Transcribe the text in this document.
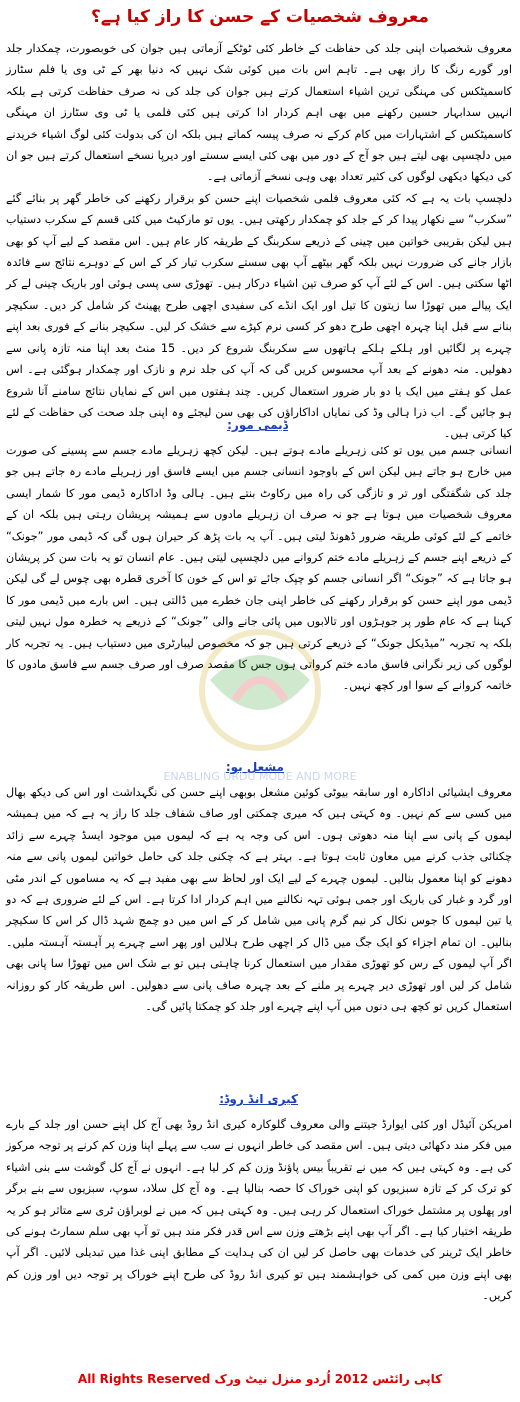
معروف شخصیات کے حسن کا راز کیا ہے؟

معروف شخصیات اپنی جلد کی حفاظت کے خاطر کئی ٹوٹکے آزماتی ہیں جوان کی خوبصورت، چمکدار جلد اور گورے رنگ کا راز بھی ہے۔ تاہم اس بات میں کوئی شک نہیں کہ دنیا بھر کے ٹی وی یا فلم سٹارز کاسمیٹکس کی مہنگی ترین اشیاء استعمال کرتے ہیں جوان کی جلد کی نہ صرف حفاظت کرتی ہے بلکہ انہیں سدابہار حسین رکھنے میں بھی اہم کردار ادا کرتی ہیں کئی فلمی یا ٹی وی سٹارز ان مہنگی کاسمیٹکس کے اشتہارات میں کام کرکے نہ صرف پیسہ کماتے ہیں بلکہ ان کی بدولت کئی لوگ اشیاء خریدنے میں دلچسپی بھی لیتے ہیں جو آج کے دور میں بھی کئی ایسے سستے اور دیرپا نسخے استعمال کرتے ہیں جو ان کی دیکھا دیکھی لوگوں کی کثیر تعداد بھی وہی نسخے آزماتی ہے۔

دلچسپ بات یہ ہے کہ کئی معروف فلمی شخصیات اپنے حسن کو برقرار رکھنے کی خاطر گھر پر بنائے گئے ”سکرب“ سے نکھار پیدا کر کے جلد کو چمکدار رکھتی ہیں۔ یوں تو مارکیٹ میں کئی قسم کے سکرب دستیاب ہیں لیکن بقریبی خواتین میں چینی کے ذریعے سکربنگ کے طریقہ کار عام ہیں۔ اس مقصد کے لیے آپ کو بھی بازار جانے کی ضرورت نہیں بلکہ گھر بیٹھے آپ بھی سستے سکرب تیار کر کے اس کے دوہرے نتائج سے فائدہ اٹھا سکتی ہیں۔ اس کے لئے آپ کو صرف تین اشیاء درکار ہیں۔ تھوڑی سی پسی ہوئی اور باریک چینی لے کر ایک پیالے میں تھوڑا سا زیتون کا تیل اور ایک انڈے کی سفیدی اچھی طرح پھینٹ کر شامل کر دیں۔ سکیچر بنانے سے قبل اپنا چہرہ اچھی طرح دھو کر کسی نرم کپڑے سے خشک کر لیں۔ سکیچر بنانے کے فوری بعد اپنے چہرے پر لگائیں اور ہلکے ہلکے ہاتھوں سے سکربنگ شروع کر دیں۔ 15 منٹ بعد اپنا منہ تازہ پانی سے دھولیں۔ منہ دھونے کے بعد آپ محسوس کریں گی کہ آپ کی جلد نرم و نازک اور چمکدار ہوگئی ہے۔ اس عمل کو ہفتے میں ایک یا دو بار ضرور استعمال کریں۔ چند ہفتوں میں اس کے نمایاں نتائج سامنے آنا شروع ہو جائیں گے۔ اب ذرا ہالی وڈ کی نمایاں اداکاراؤں کی بھی سن لیجئے وہ اپنی جلد صحت کی حفاظت کے لئے کیا کرتی ہیں۔

ڈیمی مور:

انسانی جسم میں یوں تو کئی زہریلے مادے ہوتے ہیں۔ لیکن کچھ زہریلے مادے جسم سے پسینے کی صورت میں خارج ہو جاتے ہیں لیکن اس کے باوجود انسانی جسم میں ایسے فاسق اور زہریلے مادے رہ جاتے ہیں جو جلد کی شگفتگی اور تر و تازگی کی راہ میں رکاوٹ بنتے ہیں۔ ہالی وڈ اداکارہ ڈیمی مور کا شمار ایسی معروف شخصیات میں ہوتا ہے جو نہ صرف ان زہریلے مادوں سے ہمیشہ پریشان رہتی ہیں بلکہ ان کے خاتمے کے لئے کوئی طریقہ ضرور ڈھونڈ لیتی ہیں۔ آپ یہ بات پڑھ کر حیران ہوں گی کہ ڈیمی مور ”جونک“ کے ذریعے اپنے جسم کے زہریلے مادے ختم کروانے میں دلچسپی لیتی ہیں۔ عام انسان تو یہ بات سن کر پریشان ہو جاتا ہے کہ ”جونک“ اگر انسانی جسم کو چپک جائے تو اس کے خون کا آخری قطرہ بھی چوس لے گی لیکن ڈیمی مور اپنے حسن کو برقرار رکھنے کی خاطر اپنی جان خطرے میں ڈالتی ہیں۔ اس بارے میں ڈیمی مور کا کہنا ہے کہ عام طور پر جوہڑوں اور تالابوں میں پائی جانے والی ”جونک“ کے ذریعے یہ خطرہ مول نہیں لیتی بلکہ یہ تجربہ ”میڈیکل جونک“ کے ذریعے کرتی ہیں جو کہ مخصوص لیبارٹری میں دستیاب ہیں۔ یہ تجربہ کار لوگوں کی زیر نگرانی فاسق مادے ختم کرواتی ہوں جس کا مقصد صرف اور صرف جسم سے فاسق مادوں کا خاتمہ کروانے کے سوا اور کچھ نہیں۔

مشعل بو:

معروف ایشیائی اداکارہ اور سابقہ بیوٹی کوئین مشعل بوبھی اپنے حسن کی نگہداشت اور اس کی دیکھ بھال میں کسی سے کم نہیں۔ وہ کہتی ہیں کہ میری چمکتی اور صاف شفاف جلد کا راز یہ ہے کہ میں ہمیشہ لیموں کے پانی سے اپنا منہ دھوتی ہوں۔ اس کی وجہ یہ ہے کہ لیموں میں موجود ایسڈ چہرے سے زائد چکنائی جذب کرنے میں معاون ثابت ہوتا ہے۔ بہتر ہے کہ چکنی جلد کی حامل خواتین لیموں پانی سے منہ دھونے کو اپنا معمول بنالیں۔ لیموں چہرے کے لیے ایک اور لحاظ سے بھی مفید ہے کہ یہ مساموں کے اندر مٹی اور گرد و غبار کی باریک اور جمی ہوئی تہہ نکالنے میں اہم کردار ادا کرتا ہے۔ اس کے لئے ضروری ہے کہ دو یا تین لیموں کا جوس نکال کر نیم گرم پانی میں شامل کر کے اس میں دو چمچ شہد ڈال کر اس کا سکیچر بنالیں۔ ان تمام اجزاء کو ایک جگ میں ڈال کر اچھی طرح ہلالیں اور پھر اسے چہرے پر آہستہ آہستہ ملیں۔ اگر آپ لیموں کے رس کو تھوڑی مقدار میں استعمال کرنا چاہتی ہیں تو بے شک اس میں تھوڑا سا پانی بھی شامل کر لیں اور تھوڑی دیر چہرے پر ملنے کے بعد چہرہ صاف پانی سے دھولیں۔ اس طریقہ کار کو روزانہ استعمال کریں تو کچھ ہی دنوں میں آپ اپنے چہرے اور جلد کو چمکتا پائیں گی۔

کیری انڈ روڈ:

امریکن آئیڈل اور کئی ایوارڈ جیتنے والی معروف گلوکارہ کیری انڈ روڈ بھی آج کل اپنے حسن اور جلد کے بارے میں فکر مند دکھائی دیتی ہیں۔ اس مقصد کی خاطر انہوں نے سب سے پہلے اپنا وزن کم کرنے پر توجہ مرکوز کی ہے۔ وہ کہتی ہیں کہ میں نے تقریباً بیس پاؤنڈ وزن کم کر لیا ہے۔ انہوں نے آج کل گوشت سے بنی اشیاء کو ترک کر کے تازہ سبزیوں کو اپنی خوراک کا حصہ بنالیا ہے۔ وہ آج کل سلاد، سوپ، سبزیوں سے بنے برگر اور پھلوں پر مشتمل خوراک استعمال کر رہی ہیں۔ وہ کہتی ہیں کہ میں نے لوبراؤن ٹری سے متاثر ہو کر یہ طریقہ اختیار کیا ہے۔ اگر آپ بھی اپنے بڑھتے وزن سے اس قدر فکر مند ہیں تو آپ بھی سلم سمارٹ ہونے کی خاطر ایک ٹرینر کی خدمات بھی حاصل کر لیں ان کی ہدایت کے مطابق اپنی غذا میں تبدیلی لائیں۔ اگر آپ بھی اپنے وزن میں کمی کی خواہشمند ہیں تو کیری انڈ روڈ کی طرح اپنے خوراک پر توجہ دیں اور وزن کم کریں۔

ENABLING URDU MODE AND MORE
All Rights Reserved کاپی رائٹس 2012 اُردو منزل نیٹ ورک
